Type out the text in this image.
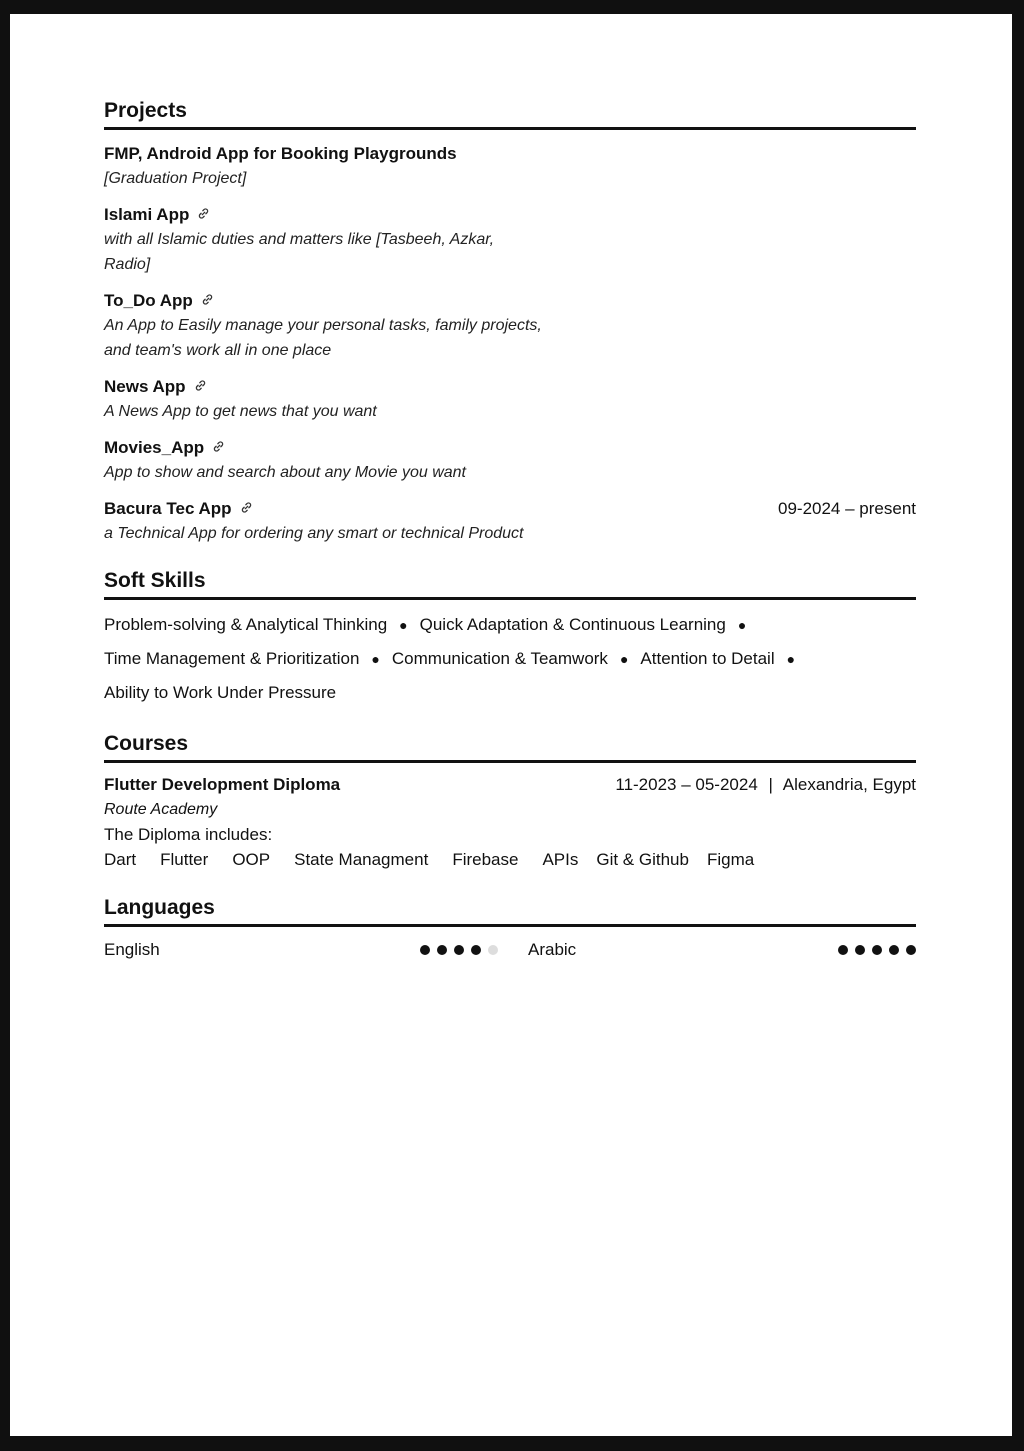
Projects
FMP, Android App for Booking Playgrounds
[Graduation Project]
Islami App
with all Islamic duties and matters like [Tasbeeh, Azkar, Radio]
To_Do App
An App to Easily manage your personal tasks, family projects, and team's work all in one place
News App
A News App to get news that you want
Movies_App
App to show and search about any Movie you want
Bacura Tec App	09-2024 – present
a Technical App for ordering any smart or technical Product
Soft Skills
Problem-solving & Analytical Thinking ● Quick Adaptation & Continuous Learning ●
Time Management & Prioritization ● Communication & Teamwork ● Attention to Detail ●
Ability to Work Under Pressure
Courses
Flutter Development Diploma	11-2023 – 05-2024 | Alexandria, Egypt
Route Academy
The Diploma includes:
Dart Flutter OOP State Managment Firebase APIs Git & Github Figma
Languages
English	Arabic
